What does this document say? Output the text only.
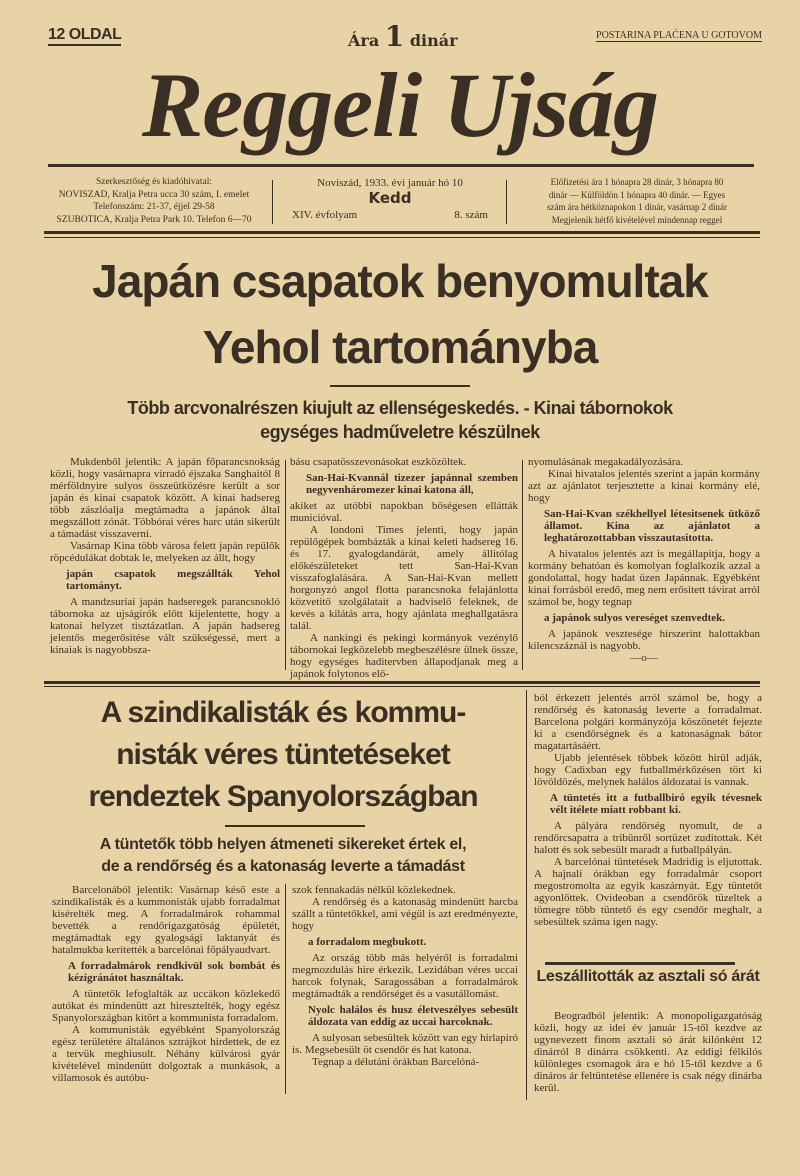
12 OLDAL	Ára 1 dinár	POSTARINA PLAĆENA U GOTOVOM
Reggeli Ujság
Szerkesztőség és kiadóhivatal:
NOVISZAD, Kralja Petra ucca 30 szám, I. emelet
Telefonszám: 21-37, éjjel 29-58
SZUBOTICA, Kralja Petra Park 10. Telefon 6—70
Noviszád, 1933. évi január hó 10
Kedd
XIV. évfolyam	8. szám
Előfizetési ára 1 hónapra 28 dinár, 3 hónapra 80
dinár — Külföldön 1 hónapra 40 dinár. — Egyes
szám ára hétköznapokon 1 dinár, vasárnap 2 dinár
Megjelenik hétfő kivételével mindennap reggel
Japán csapatok benyomultak
Yehol tartományba
Több arcvonalrészen kiujult az ellenségeskedés. - Kinai tábornokok
egységes hadműveletre készülnek

Mukdenből jelentik: A japán főparancsnokság közli, hogy vasárnapra virradó éjszaka Sanghaitól 8 mérföldnyire sulyos összeütközésre került a sor japán és kinai csapatok között. A kinai hadsereg több zászlóalja megtámadta a japánok által megszállott zónát. Többórai véres harc után sikerült a támadást visszaverni.

Vasárnap Kina több városa felett japán repülők röpcédulákat dobtak le, melyeken az állt, hogy

japán csapatok megszállták Yehol tartományt.

A mandzsuriai japán hadseregek parancsnokló tábornoka az ujságirók előtt kijelentette, hogy a katonai helyzet tisztázatlan. A japán hadsereg jelentős megerősitése vált szükségessé, mert a kinaiak is nagyobbsza-

básu csapatösszevonásokat eszközöltek.

San-Hai-Kvannál tizezer japánnal szemben negyvenháromezer kinai katona áll,

akiket az utóbbi napokban bőségesen ellátták municióval.

A londoni Times jelenti, hogy japán repülőgépek bombázták a kinai keleti hadsereg 16. és 17. gyalogdandárát, amely állitólag előkészületeket tett San-Hai-Kvan visszafoglalására. A San-Hai-Kvan mellett horgonyzó angol flotta parancsnoka felajánlotta közvetitő szolgálatait a hadviselő feleknek, de kevés a kilátás arra, hogy ajánlata meghallgatásra talál.

A nankingi és pekingi kormányok vezénylő tábornokai legközelebb megbeszélésre ülnek össze, hogy egységes haditervben állapodjanak meg a japánok folytonos elő-

nyomulásának megakadályozására.

Kinai hivatalos jelentés szerint a japán kormány azt az ajánlatot terjesztette a kinai kormány elé, hogy

San-Hai-Kvan székhellyel létesitsenek ütköző államot. Kina az ajánlatot a leghatározottabban visszautasitotta.

A hivatalos jelentés azt is megállapitja, hogy a kormány behatóan és komolyan foglalkozik azzal a gondolattal, hogy hadat üzen Japánnak. Egyébként kinai forrásból eredő, meg nem erősitett távirat arról számol be, hogy tegnap

a japánok sulyos vereséget szenvedtek.

A japánok vesztesége hirszerint halottakban kilencszáznál is nagyobb.

—o—

A szindikalisták és kommu-
nisták véres tüntetéseket
rendeztek Spanyolországban
A tüntetők több helyen átmeneti sikereket értek el,
de a rendőrség és a katonaság leverte a támadást

Barcelonából jelentik: Vasárnap késő este a szindikalisták és a kummonisták ujabb forradalmat kisérelték meg. A forradalmárok rohammal bevették a rendőrigazgatóság épületét, megtámadtak egy gyalogsági laktanyát és hatalmukba kerítették a barcelónai főpályaudvart.

A forradalmárok rendkivül sok bombát és kézigránátot használtak.

A tüntetők lefoglalták az uccákon közlekedő autókat és mindenütt azt hiresztelték, hogy egész Spanyolországban kitört a kommunista forradalom.

A kommunisták egyébként Spanyolország egész területére általános sztrájkot hirdettek, de ez a tervük meghiusult. Néhány külvárosi gyár kivételével mindenütt dolgoztak a munkások, a villamosok és autóbu-

szok fennakadás nélkül közlekednek.

A rendőrség és a katonaság mindenütt harcba szállt a tüntetőkkel, ami végül is azt eredményezte, hogy

a forradalom megbukott.

Az ország több más helyéről is forradalmi megmozdulás hire érkezik. Lezidában véres uccai harcok folynak, Saragossában a forradalmárok megtámadták a rendőrséget és a vasutállomást.

Nyolc halálos és husz életveszélyes sebesült áldozata van eddig az uccai harcoknak.

A sulyosan sebesültek között van egy hirlapiró is. Megsebesült öt csendőr és hat katona.

Tegnap a délutáni órákban Barcelóná-

ból érkezett jelentés arról számol be, hogy a rendőrség és katonaság leverte a forradalmat. Barcelona polgári kormányzója köszönetét fejezte ki a csendőrségnek és a katonaságnak bátor magatartásáért.

Ujabb jelentések többek között hirül adják, hogy Cadixban egy futballmérkőzésen tört ki lövöldözés, melynek halálos áldozatai is vannak.

A tüntetés itt a futballbiró egyik tévesnek vélt itélete miatt robbant ki.

A pályára rendőrség nyomult, de a rendőrcsapatra a tribünről sortüzet zuditottak. Két halott és sok sebesült maradt a futballpályán.

A barcelónai tüntetések Madridig is eljutottak. A hajnali órákban egy forradalmár csoport megostromolta az egyik kaszárnyát. Egy tüntetőt agyonlőttek. Ovideoban a csendőrök tüzeltek a tömegre több tüntető és egy csendőr meghalt, a sebesültek száma igen nagy.

Leszállitották az asztali só árát

Beogradból jelentik: A monopoligazgatóság közli, hogy az idei év január 15-től kezdve az ugynevezett finom asztali só árát kilónként 12 dinárról 8 dinárra csökkenti. Az eddigi félkilós különleges csomagok ára e hó 15-től kezdve a 6 dináros ár feltüntetése ellenére is csak négy dinárba kerül.
